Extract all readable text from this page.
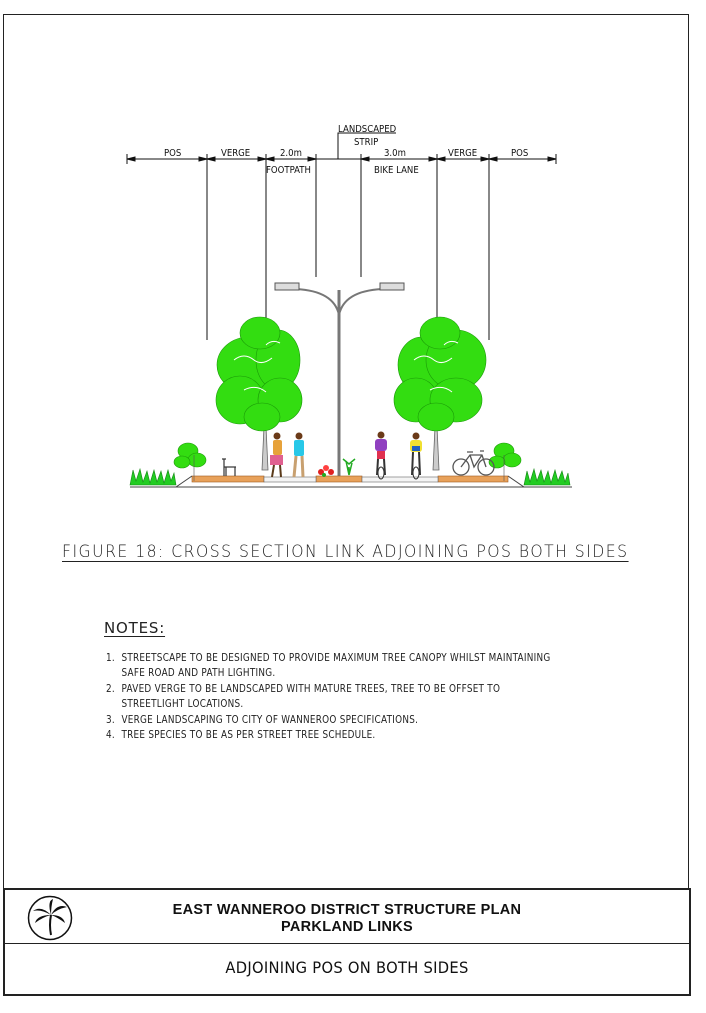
POS	VERGE	2.0m
FOOTPATH
LANDSCAPED
STRIP
3.0m
BIKE LANE
VERGE	POS
FIGURE 18: CROSS SECTION LINK ADJOINING POS BOTH SIDES
NOTES:
1. STREETSCAPE TO BE DESIGNED TO PROVIDE MAXIMUM TREE CANOPY WHILST MAINTAINING
SAFE ROAD AND PATH LIGHTING.
2. PAVED VERGE TO BE LANDSCAPED WITH MATURE TREES, TREE TO BE OFFSET TO
STREETLIGHT LOCATIONS.
3. VERGE LANDSCAPING TO CITY OF WANNEROO SPECIFICATIONS.
4. TREE SPECIES TO BE AS PER STREET TREE SCHEDULE.
EAST WANNEROO DISTRICT STRUCTURE PLAN
PARKLAND LINKS
ADJOINING POS ON BOTH SIDES
